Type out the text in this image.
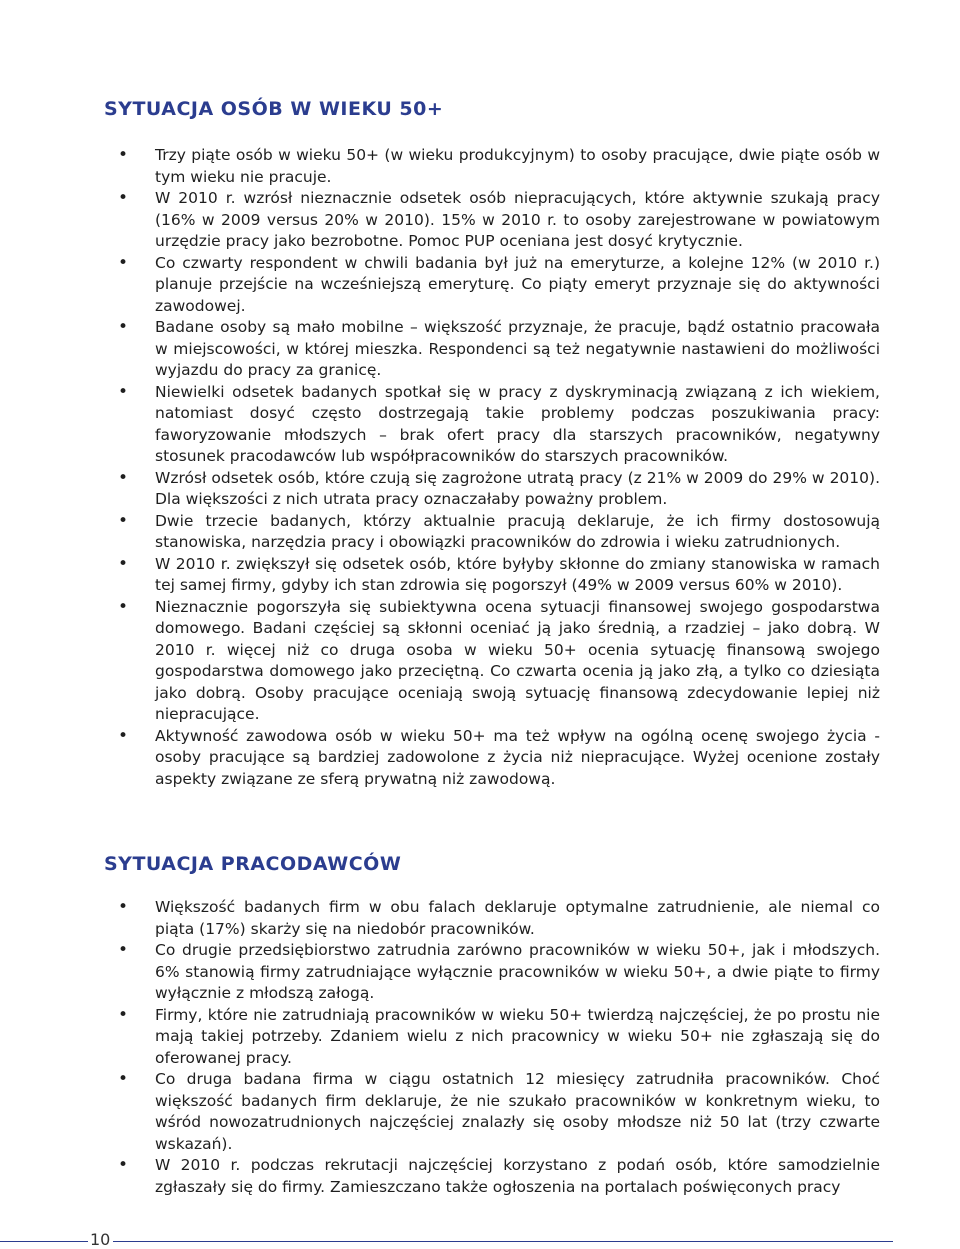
SYTUACJA OSÓB W WIEKU 50+
• Trzy piąte osób w wieku 50+ (w wieku produkcyjnym) to osoby pracujące, dwie piąte osób w tym wieku nie pracuje.
• W 2010 r. wzrósł nieznacznie odsetek osób niepracujących, które aktywnie szukają pracy (16% w 2009 versus 20% w 2010). 15% w 2010 r. to osoby zarejestrowane w powiatowym urzędzie pracy jako bezrobotne. Pomoc PUP oceniana jest dosyć krytycznie.
• Co czwarty respondent w chwili badania był już na emeryturze, a kolejne 12% (w 2010 r.) planuje przejście na wcześniejszą emeryturę. Co piąty emeryt przyznaje się do aktywności zawodowej.
• Badane osoby są mało mobilne – większość przyznaje, że pracuje, bądź ostatnio pracowała w miejscowości, w której mieszka. Respondenci są też negatywnie nastawieni do możliwości wyjazdu do pracy za granicę.
• Niewielki odsetek badanych spotkał się w pracy z dyskryminacją związaną z ich wiekiem, natomiast dosyć często dostrzegają takie problemy podczas poszukiwania pracy: faworyzowanie młodszych – brak ofert pracy dla starszych pracowników, negatywny stosunek pracodawców lub współpracowników do starszych pracowników.
• Wzrósł odsetek osób, które czują się zagrożone utratą pracy (z 21% w 2009 do 29% w 2010). Dla większości z nich utrata pracy oznaczałaby poważny problem.
• Dwie trzecie badanych, którzy aktualnie pracują deklaruje, że ich firmy dostosowują stanowiska, narzędzia pracy i obowiązki pracowników do zdrowia i wieku zatrudnionych.
• W 2010 r. zwiększył się odsetek osób, które byłyby skłonne do zmiany stanowiska w ramach tej samej firmy, gdyby ich stan zdrowia się pogorszył (49% w 2009 versus 60% w 2010).
• Nieznacznie pogorszyła się subiektywna ocena sytuacji finansowej swojego gospodarstwa domowego. Badani częściej są skłonni oceniać ją jako średnią, a rzadziej – jako dobrą. W 2010 r. więcej niż co druga osoba w wieku 50+ ocenia sytuację finansową swojego gospodarstwa domowego jako przeciętną. Co czwarta ocenia ją jako złą, a tylko co dziesiąta jako dobrą. Osoby pracujące oceniają swoją sytuację finansową zdecydowanie lepiej niż niepracujące.
• Aktywność zawodowa osób w wieku 50+ ma też wpływ na ogólną ocenę swojego życia - osoby pracujące są bardziej zadowolone z życia niż niepracujące. Wyżej ocenione zostały aspekty związane ze sferą prywatną niż zawodową.
SYTUACJA PRACODAWCÓW
• Większość badanych firm w obu falach deklaruje optymalne zatrudnienie, ale niemal co piąta (17%) skarży się na niedobór pracowników.
• Co drugie przedsiębiorstwo zatrudnia zarówno pracowników w wieku 50+, jak i młodszych. 6% stanowią firmy zatrudniające wyłącznie pracowników w wieku 50+, a dwie piąte to firmy wyłącznie z młodszą załogą.
• Firmy, które nie zatrudniają pracowników w wieku 50+ twierdzą najczęściej, że po prostu nie mają takiej potrzeby. Zdaniem wielu z nich pracownicy w wieku 50+ nie zgłaszają się do oferowanej pracy.
• Co druga badana firma w ciągu ostatnich 12 miesięcy zatrudniła pracowników. Choć większość badanych firm deklaruje, że nie szukało pracowników w konkretnym wieku, to wśród nowozatrudnionych najczęściej znalazły się osoby młodsze niż 50 lat (trzy czwarte wskazań).
• W 2010 r. podczas rekrutacji najczęściej korzystano z podań osób, które samodzielnie zgłaszały się do firmy. Zamieszczano także ogłoszenia na portalach poświęconych pracy
10
